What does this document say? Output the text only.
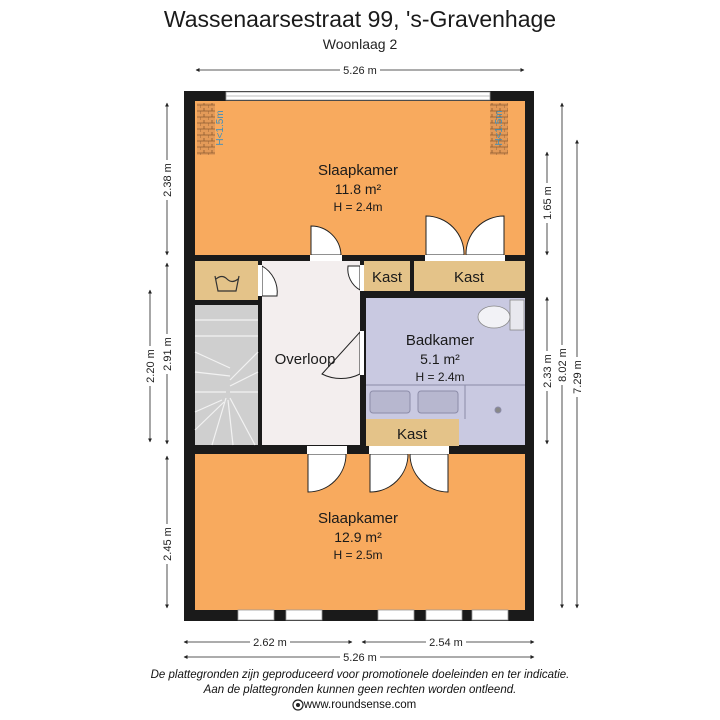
Wassenaarsestraat 99, 's-Gravenhage
Woonlaag 2
Slaapkamer
11.8 m²
H = 2.4m
Kast	Kast
Badkamer
5.1 m²
H = 2.4m
Overloop
Kast
Slaapkamer
12.9 m²
H = 2.5m
H<1.5m	H<1.5m
5.26 m
2.62 m	2.54 m
5.26 m
2.38 m
2.20 m 2.91 m
2.45 m
1.65 m
2.33 m 8.02 m 7.29 m
De plattegronden zijn geproduceerd voor promotionele doeleinden en ter indicatie.
Aan de plattegronden kunnen geen rechten worden ontleend.
www.roundsense.com
